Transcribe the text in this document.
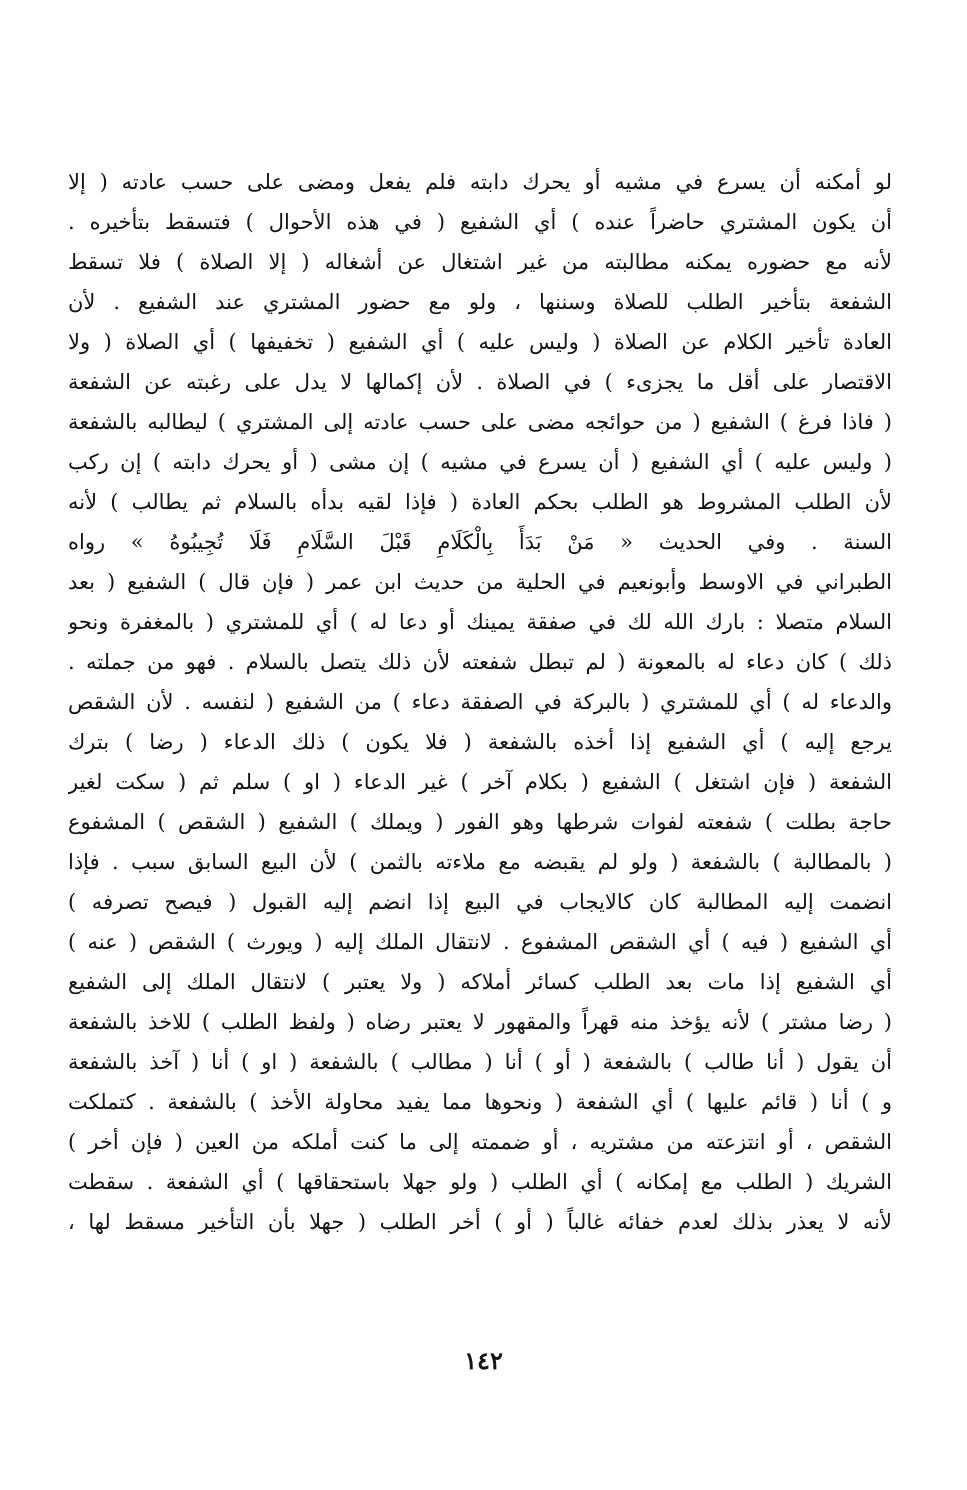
لو أمكنه أن يسرع في مشيه أو يحرك دابته فلم يفعل ومضى على حسب عادته ( إلا
أن يكون المشتري حاضراً عنده ) أي الشفيع ( في هذه الأحوال ) فتسقط بتأخيره .
لأنه مع حضوره يمكنه مطالبته من غير اشتغال عن أشغاله ( إلا الصلاة ) فلا تسقط
الشفعة بتأخير الطلب للصلاة وسننها ، ولو مع حضور المشتري عند الشفيع . لأن
العادة تأخير الكلام عن الصلاة ( وليس عليه ) أي الشفيع ( تخفيفها ) أي الصلاة ( ولا
الاقتصار على أقل ما يجزىء ) في الصلاة . لأن إكمالها لا يدل على رغبته عن الشفعة
( فاذا فرغ ) الشفيع ( من حوائجه مضى على حسب عادته إلى المشتري ) ليطالبه بالشفعة
( وليس عليه ) أي الشفيع ( أن يسرع في مشيه ) إن مشى ( أو يحرك دابته ) إن ركب
لأن الطلب المشروط هو الطلب بحكم العادة ( فإذا لقيه بدأه بالسلام ثم يطالب ) لأنه
السنة . وفي الحديث « مَنْ بَدَأَ بِالْكَلَامِ قَبْلَ السَّلَامِ فَلَا تُجِيبُوهُ » رواه
الطبراني في الاوسط وأبونعيم في الحلية من حديث ابن عمر ( فإن قال ) الشفيع ( بعد
السلام متصلا : بارك الله لك في صفقة يمينك أو دعا له ) أي للمشتري ( بالمغفرة ونحو
ذلك ) كان دعاء له بالمعونة ( لم تبطل شفعته لأن ذلك يتصل بالسلام . فهو من جملته .
والدعاء له ) أي للمشتري ( بالبركة في الصفقة دعاء ) من الشفيع ( لنفسه . لأن الشقص
يرجع إليه ) أي الشفيع إذا أخذه بالشفعة ( فلا يكون ) ذلك الدعاء ( رضا ) بترك
الشفعة ( فإن اشتغل ) الشفيع ( بكلام آخر ) غير الدعاء ( او ) سلم ثم ( سكت لغير
حاجة بطلت ) شفعته لفوات شرطها وهو الفور ( ويملك ) الشفيع ( الشقص ) المشفوع
( بالمطالبة ) بالشفعة ( ولو لم يقبضه مع ملاءته بالثمن ) لأن البيع السابق سبب . فإذا
انضمت إليه المطالبة كان كالايجاب في البيع إذا انضم إليه القبول ( فيصح تصرفه )
أي الشفيع ( فيه ) أي الشقص المشفوع . لانتقال الملك إليه ( ويورث ) الشقص ( عنه )
أي الشفيع إذا مات بعد الطلب كسائر أملاكه ( ولا يعتبر ) لانتقال الملك إلى الشفيع
( رضا مشتر ) لأنه يؤخذ منه قهراً والمقهور لا يعتبر رضاه ( ولفظ الطلب ) للاخذ بالشفعة
أن يقول ( أنا طالب ) بالشفعة ( أو ) أنا ( مطالب ) بالشفعة ( او ) أنا ( آخذ بالشفعة
و ) أنا ( قائم عليها ) أي الشفعة ( ونحوها مما يفيد محاولة الأخذ ) بالشفعة . كتملكت
الشقص ، أو انتزعته من مشتريه ، أو ضممته إلى ما كنت أملكه من العين ( فإن أخر )
الشريك ( الطلب مع إمكانه ) أي الطلب ( ولو جهلا باستحقاقها ) أي الشفعة . سقطت
لأنه لا يعذر بذلك لعدم خفائه غالباً ( أو ) أخر الطلب ( جهلا بأن التأخير مسقط لها ،
١٤٢
